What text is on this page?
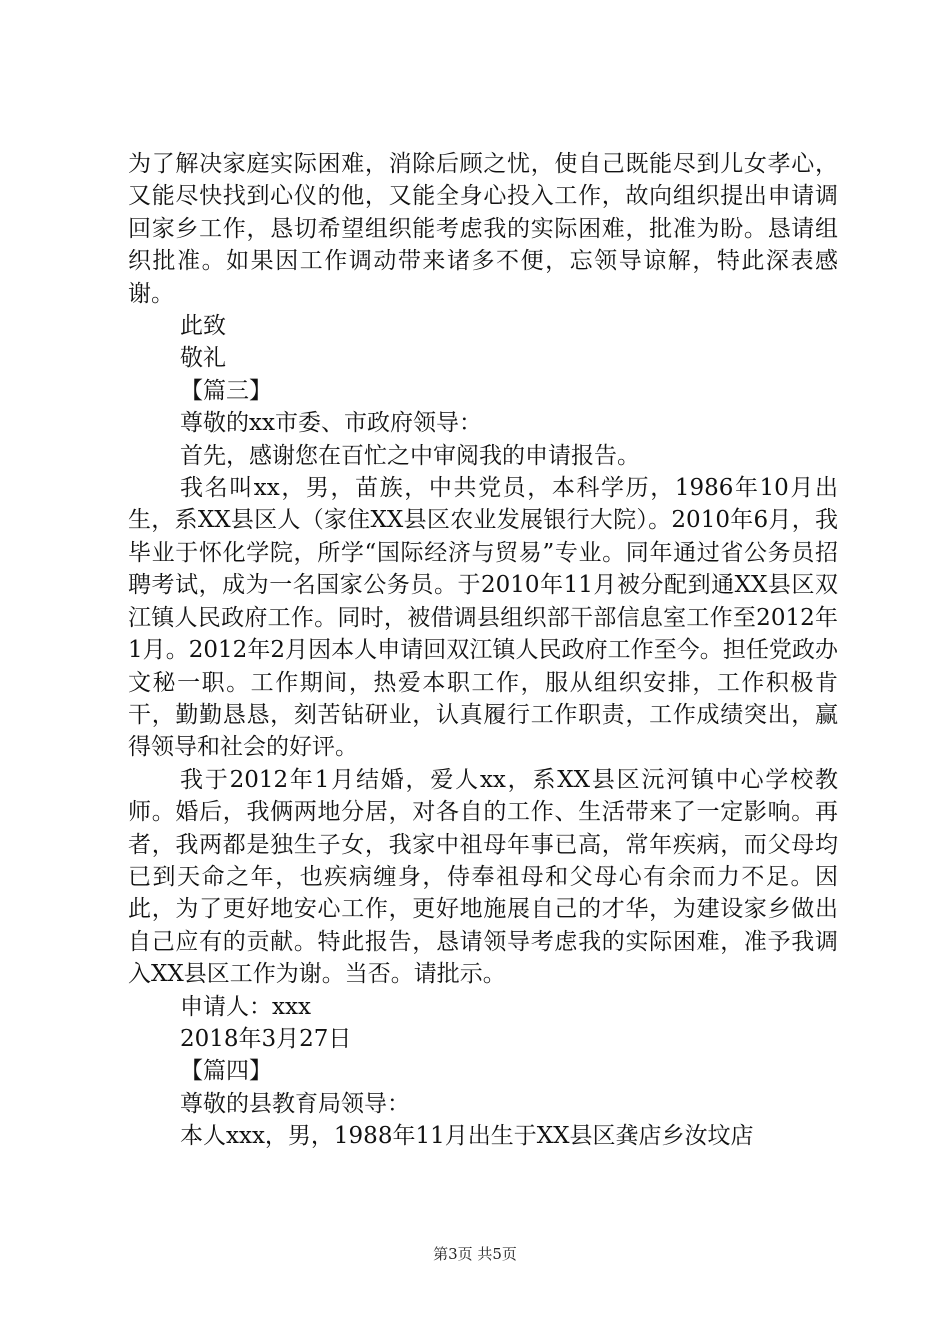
为了解决家庭实际困难，消除后顾之忧，使自己既能尽到儿女孝心，又能尽快找到心仪的他，又能全身心投入工作，故向组织提出申请调回家乡工作，恳切希望组织能考虑我的实际困难，批准为盼。恳请组织批准。如果因工作调动带来诸多不便，忘领导谅解，特此深表感谢。

此致

敬礼

【篇三】

尊敬的xx市委、市政府领导：

首先，感谢您在百忙之中审阅我的申请报告。

我名叫xx，男，苗族，中共党员，本科学历，1986年10月出生，系XX县区人（家住XX县区农业发展银行大院）。2010年6月，我毕业于怀化学院，所学“国际经济与贸易”专业。同年通过省公务员招聘考试，成为一名国家公务员。于2010年11月被分配到通XX县区双江镇人民政府工作。同时，被借调县组织部干部信息室工作至2012年1月。2012年2月因本人申请回双江镇人民政府工作至今。担任党政办文秘一职。工作期间，热爱本职工作，服从组织安排，工作积极肯干，勤勤恳恳，刻苦钻研业，认真履行工作职责，工作成绩突出，赢得领导和社会的好评。

我于2012年1月结婚，爱人xx，系XX县区沅河镇中心学校教师。婚后，我俩两地分居，对各自的工作、生活带来了一定影响。再者，我两都是独生子女，我家中祖母年事已高，常年疾病，而父母均已到天命之年，也疾病缠身，侍奉祖母和父母心有余而力不足。因此，为了更好地安心工作，更好地施展自己的才华，为建设家乡做出自己应有的贡献。特此报告，恳请领导考虑我的实际困难，准予我调入XX县区工作为谢。当否。请批示。

申请人：xxx

2018年3月27日

【篇四】

尊敬的县教育局领导：

本人xxx，男，1988年11月出生于XX县区龚店乡汝坟店

第3页 共5页
